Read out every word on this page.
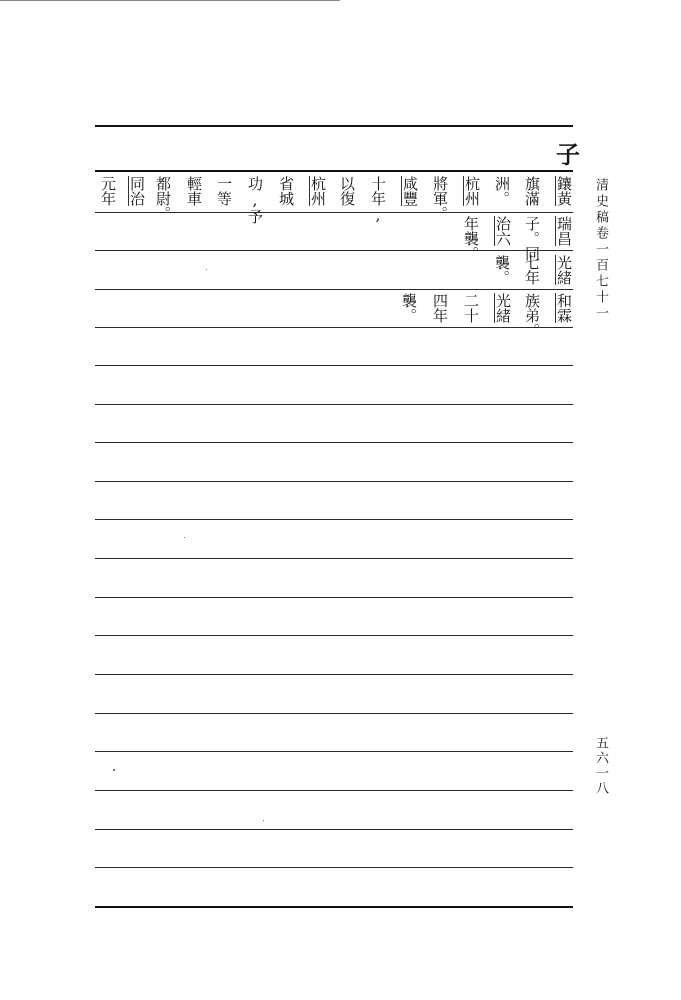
子
清史稿卷一百七十一
五六一八
鑲黃
旗滿
洲。
杭州
將軍。
咸豐
十年,
以復
杭州
省城
功,予
一等
輕車
都尉。
同治
元年
瑞昌
子。同
治六
年襲。
光緒
七年
襲。
和霖
族弟。
光緒
二十
四年
襲。
